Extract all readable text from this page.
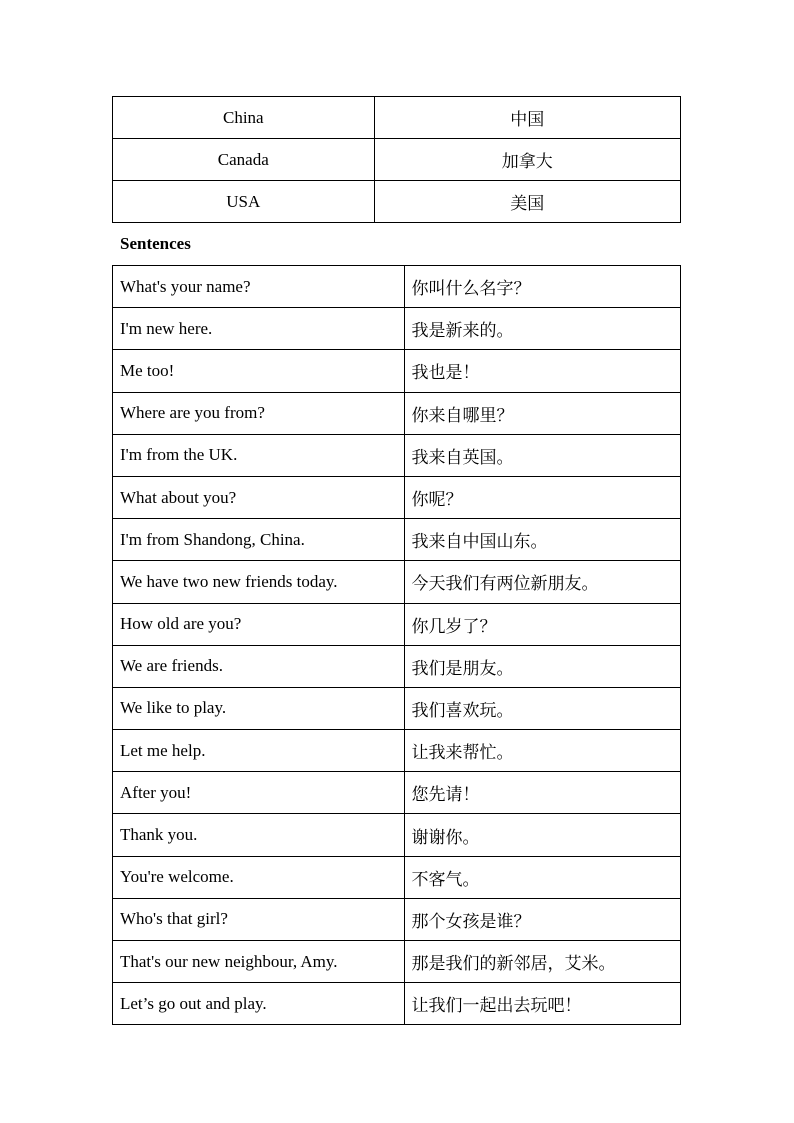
China	中国
Canada	加拿大
USA	美国
Sentences
What's your name?	你叫什么名字？
I'm new here.	我是新来的。
Me too!	我也是！
Where are you from?	你来自哪里？
I'm from the UK.	我来自英国。
What about you?	你呢？
I'm from Shandong, China.	我来自中国山东。
We have two new friends today.	今天我们有两位新朋友。
How old are you?	你几岁了？
We are friends.	我们是朋友。
We like to play.	我们喜欢玩。
Let me help.	让我来帮忙。
After you!	您先请！
Thank you.	谢谢你。
You're welcome.	不客气。
Who's that girl?	那个女孩是谁？
That's our new neighbour, Amy.	那是我们的新邻居，艾米。
Let’s go out and play.	让我们一起出去玩吧！
